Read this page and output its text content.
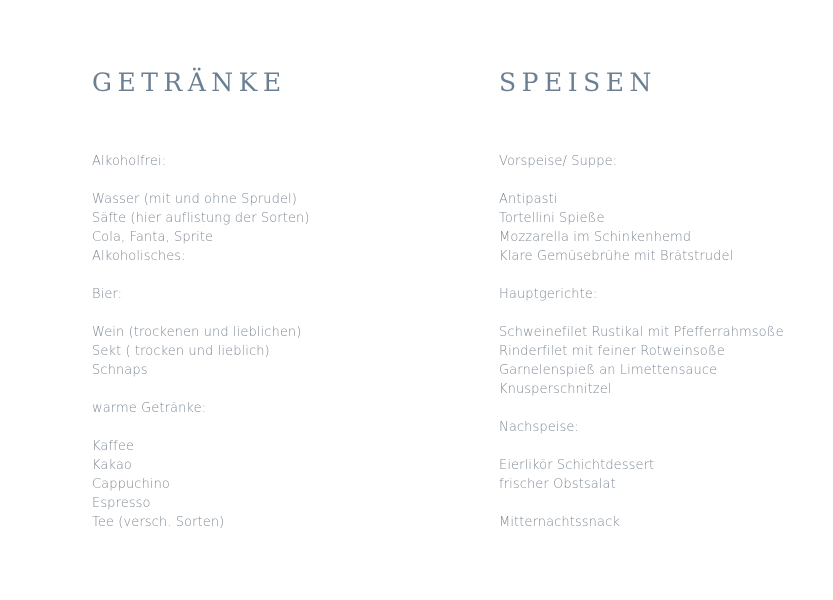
GETRÄNKE
Alkoholfrei:

Wasser (mit und ohne Sprudel)
Säfte (hier auflistung der Sorten)
Cola, Fanta, Sprite
Alkoholisches:

Bier:

Wein (trockenen und lieblichen)
Sekt ( trocken und lieblich)
Schnaps

warme Getränke:

Kaffee
Kakao
Cappuchino
Espresso
Tee (versch. Sorten)
SPEISEN
Vorspeise/ Suppe:

Antipasti
Tortellini Spieße
Mozzarella im Schinkenhemd
Klare Gemüsebrühe mit Brätstrudel

Hauptgerichte:

Schweinefilet Rustikal mit Pfefferrahmsoße
Rinderfilet mit feiner Rotweinsoße
Garnelenspieß an Limettensauce
Knusperschnitzel

Nachspeise:

Eierlikör Schichtdessert
frischer Obstsalat

Mitternachtssnack
